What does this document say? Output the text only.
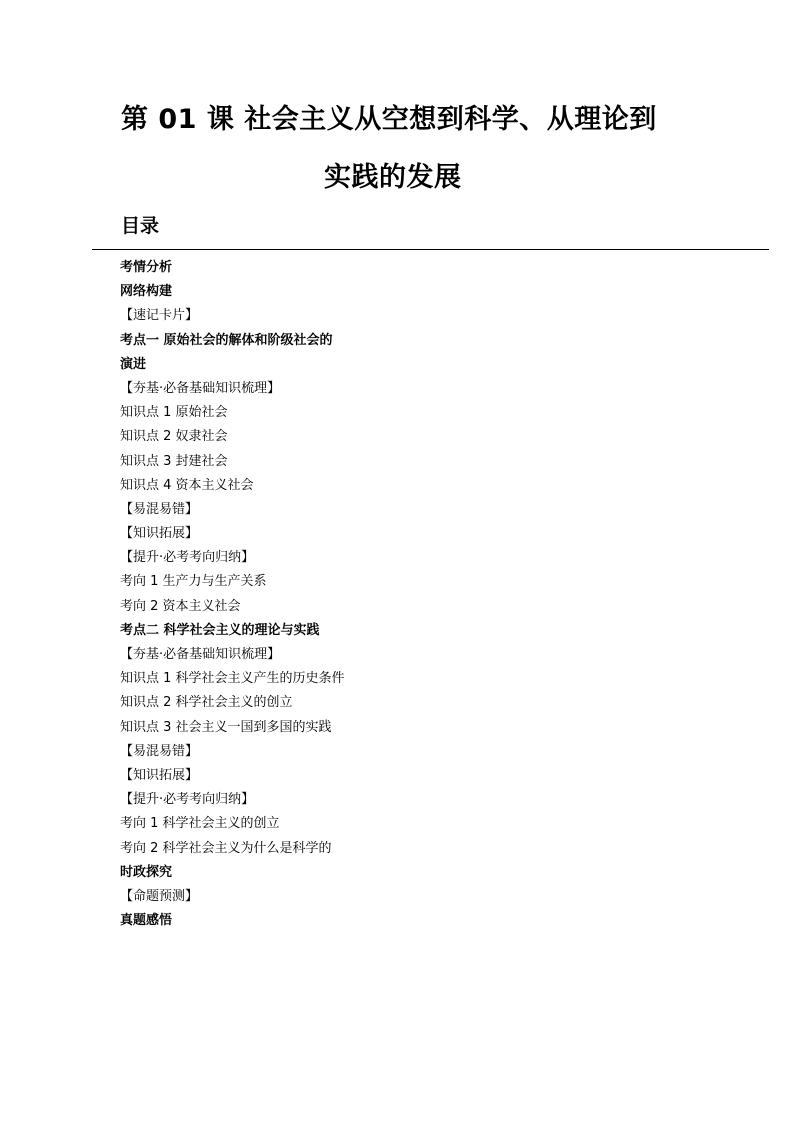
第 01 课 社会主义从空想到科学、从理论到
实践的发展
目录
考情分析
网络构建
【速记卡片】
考点一 原始社会的解体和阶级社会的
演进
【夯基·必备基础知识梳理】
知识点 1 原始社会
知识点 2 奴隶社会
知识点 3 封建社会
知识点 4 资本主义社会
【易混易错】
【知识拓展】
【提升·必考考向归纳】
考向 1 生产力与生产关系
考向 2 资本主义社会
考点二 科学社会主义的理论与实践
【夯基·必备基础知识梳理】
知识点 1 科学社会主义产生的历史条件
知识点 2 科学社会主义的创立
知识点 3 社会主义一国到多国的实践
【易混易错】
【知识拓展】
【提升·必考考向归纳】
考向 1 科学社会主义的创立
考向 2 科学社会主义为什么是科学的
时政探究
【命题预测】
真题感悟
